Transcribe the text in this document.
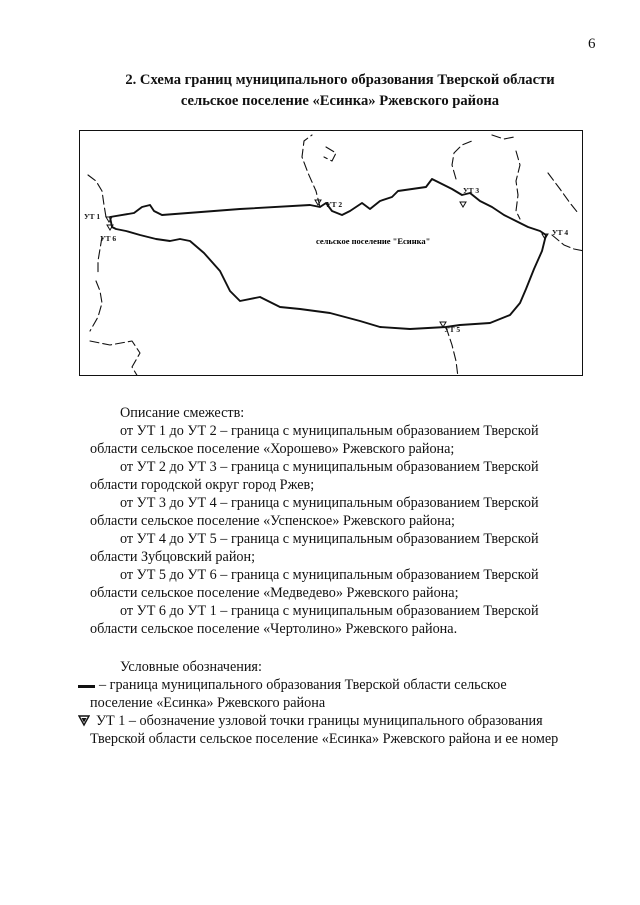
6
2. Схема границ муниципального образования Тверской области
сельское поселение «Есинка» Ржевского района
сельское поселение "Есинка"
УТ 1
УТ 2
УТ 3
УТ 4
УТ 5
УТ 6

Описание смежеств:

от УТ 1 до УТ 2 – граница с муниципальным образованием Тверской

области сельское поселение «Хорошево» Ржевского района;

от УТ 2 до УТ 3 – граница с муниципальным образованием Тверской

области городской округ город Ржев;

от УТ 3 до УТ 4 – граница с муниципальным образованием Тверской

области сельское поселение «Успенское» Ржевского района;

от УТ 4 до УТ 5 – граница с муниципальным образованием Тверской

области Зубцовский район;

от УТ 5 до УТ 6 – граница с муниципальным образованием Тверской

области сельское поселение «Медведево» Ржевского района;

от УТ 6 до УТ 1 – граница с муниципальным образованием Тверской

области сельское поселение «Чертолино» Ржевского района.

Условные обозначения:

– граница муниципального образования Тверской области сельское

поселение «Есинка» Ржевского района

УТ 1 – обозначение узловой точки границы муниципального образования

Тверской области сельское поселение «Есинка» Ржевского района и ее номер
